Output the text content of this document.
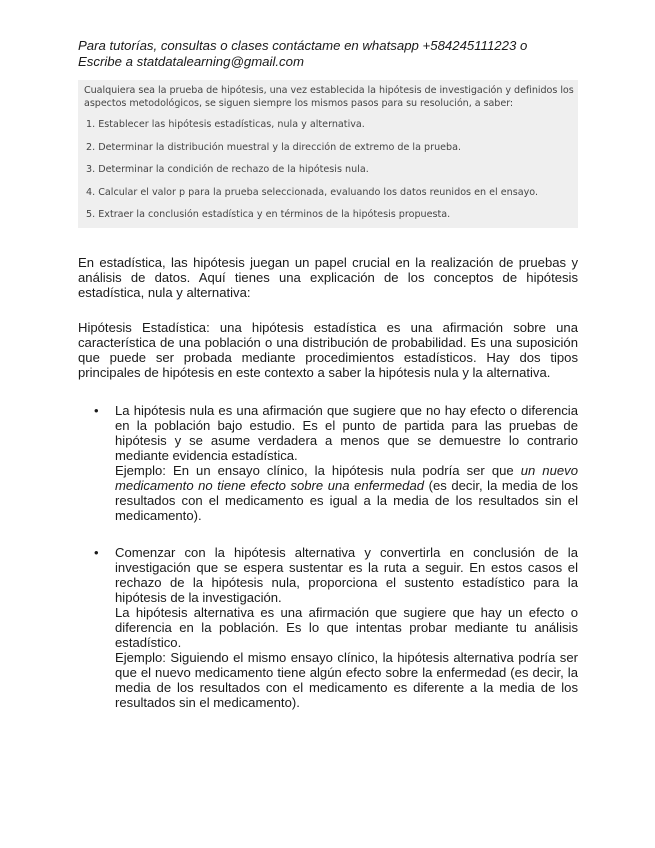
Para tutorías, consultas o clases contáctame en whatsapp +584245111223 o
Escribe a statdatalearning@gmail.com
Cualquiera sea la prueba de hipótesis, una vez establecida la hipótesis de investigación y definidos los aspectos metodológicos, se siguen siempre los mismos pasos para su resolución, a saber:
1. Establecer las hipótesis estadísticas, nula y alternativa.
2. Determinar la distribución muestral y la dirección de extremo de la prueba.
3. Determinar la condición de rechazo de la hipótesis nula.
4. Calcular el valor p para la prueba seleccionada, evaluando los datos reunidos en el ensayo.
5. Extraer la conclusión estadística y en términos de la hipótesis propuesta.

En estadística, las hipótesis juegan un papel crucial en la realización de pruebas y análisis de datos. Aquí tienes una explicación de los conceptos de hipótesis estadística, nula y alternativa:

Hipótesis Estadística: una hipótesis estadística es una afirmación sobre una característica de una población o una distribución de probabilidad. Es una suposición que puede ser probada mediante procedimientos estadísticos. Hay dos tipos principales de hipótesis en este contexto a saber la hipótesis nula y la alternativa.

• La hipótesis nula es una afirmación que sugiere que no hay efecto o diferencia en la población bajo estudio. Es el punto de partida para las pruebas de hipótesis y se asume verdadera a menos que se demuestre lo contrario mediante evidencia estadística.

Ejemplo: En un ensayo clínico, la hipótesis nula podría ser que un nuevo medicamento no tiene efecto sobre una enfermedad (es decir, la media de los resultados con el medicamento es igual a la media de los resultados sin el medicamento).

• Comenzar con la hipótesis alternativa y convertirla en conclusión de la investigación que se espera sustentar es la ruta a seguir. En estos casos el rechazo de la hipótesis nula, proporciona el sustento estadístico para la hipótesis de la investigación.

La hipótesis alternativa es una afirmación que sugiere que hay un efecto o diferencia en la población. Es lo que intentas probar mediante tu análisis estadístico.

Ejemplo: Siguiendo el mismo ensayo clínico, la hipótesis alternativa podría ser que el nuevo medicamento tiene algún efecto sobre la enfermedad (es decir, la media de los resultados con el medicamento es diferente a la media de los resultados sin el medicamento).
